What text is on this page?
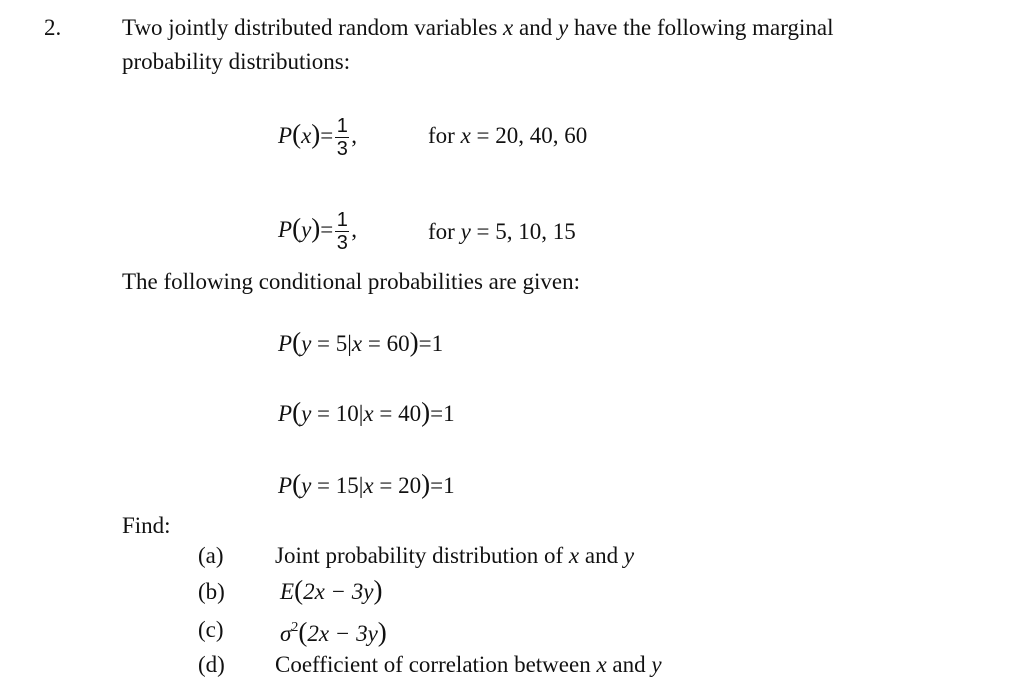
2.	Two jointly distributed random variables x and y have the following marginal
probability distributions:
$P(x)= \frac{1}{3}$ ,	for x = 20, 40, 60
$P(y)= \frac{1}{3}$ ,	for y = 5, 10, 15
The following conditional probabilities are given:
P(y = 5|x = 60)=1
P(y = 10|x = 40)=1
P(y = 15|x = 20)=1
Find:
(a) Joint probability distribution of x and y
(b) E(2x − 3y)
(c) $\sigma^2(2x - 3y)$
(d) Coefficient of correlation between x and y
